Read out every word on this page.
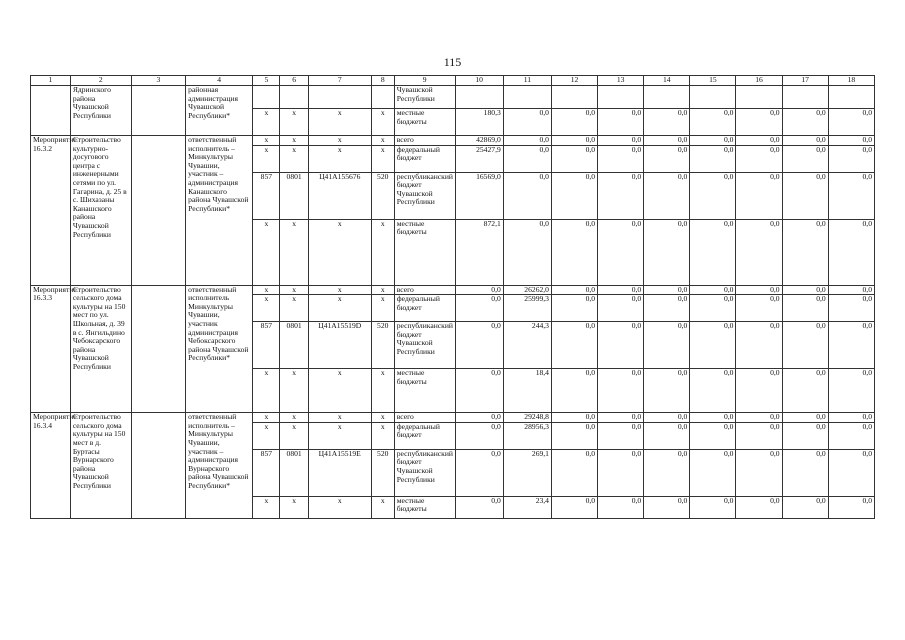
115
1	2	3	4	5	6	7	8	9	10	11	12	13	14	15	16	17	18
	Ядринского района Чувашской Республики		районная администрация Чувашской Республики*					Чувашской Республики									
				х	х	х	х	местные бюджеты	180,3	0,0	0,0	0,0	0,0	0,0	0,0	0,0	0,0
Мероприятие 16.3.2	Строительство культурно-досугового центра с инженерными сетями по ул. Гагарина, д. 25 в с. Шихазаны Канашского района Чувашской Республики		ответственный исполнитель – Минкультуры Чувашии, участник – администрация Канашского района Чувашской Республики*	х	х	х	х	всего	42869,0	0,0	0,0	0,0	0,0	0,0	0,0	0,0	0,0
				х	х	х	х	федеральный бюджет	25427,9	0,0	0,0	0,0	0,0	0,0	0,0	0,0	0,0
				857	0801	Ц41А155676	520	республиканский бюджет Чувашской Республики	16569,0	0,0	0,0	0,0	0,0	0,0	0,0	0,0	0,0
				х	х	х	х	местные бюджеты	872,1	0,0	0,0	0,0	0,0	0,0	0,0	0,0	0,0
Мероприятие 16.3.3	Строительство сельского дома культуры на 150 мест по ул. Школьная, д. 39 в с. Янгильдино Чебоксарского района Чувашской Республики		ответственный исполнитель Минкультуры Чувашии, участник администрация Чебоксарского района Чувашской Республики*	х	х	х	х	всего	0,0	26262,0	0,0	0,0	0,0	0,0	0,0	0,0	0,0
				х	х	х	х	федеральный бюджет	0,0	25999,3	0,0	0,0	0,0	0,0	0,0	0,0	0,0
				857	0801	Ц41А15519D	520	республиканский бюджет Чувашской Республики	0,0	244,3	0,0	0,0	0,0	0,0	0,0	0,0	0,0
				х	х	х	х	местные бюджеты	0,0	18,4	0,0	0,0	0,0	0,0	0,0	0,0	0,0
Мероприятие 16.3.4	Строительство сельского дома культуры на 150 мест в д. Буртасы Вурнарского района Чувашской Республики		ответственный исполнитель – Минкультуры Чувашии, участник – администрация Вурнарского района Чувашской Республики*	х	х	х	х	всего	0,0	29248,8	0,0	0,0	0,0	0,0	0,0	0,0	0,0
				х	х	х	х	федеральный бюджет	0,0	28956,3	0,0	0,0	0,0	0,0	0,0	0,0	0,0
				857	0801	Ц41А15519Е	520	республиканский бюджет Чувашской Республики	0,0	269,1	0,0	0,0	0,0	0,0	0,0	0,0	0,0
				х	х	х	х	местные бюджеты	0,0	23,4	0,0	0,0	0,0	0,0	0,0	0,0	0,0
